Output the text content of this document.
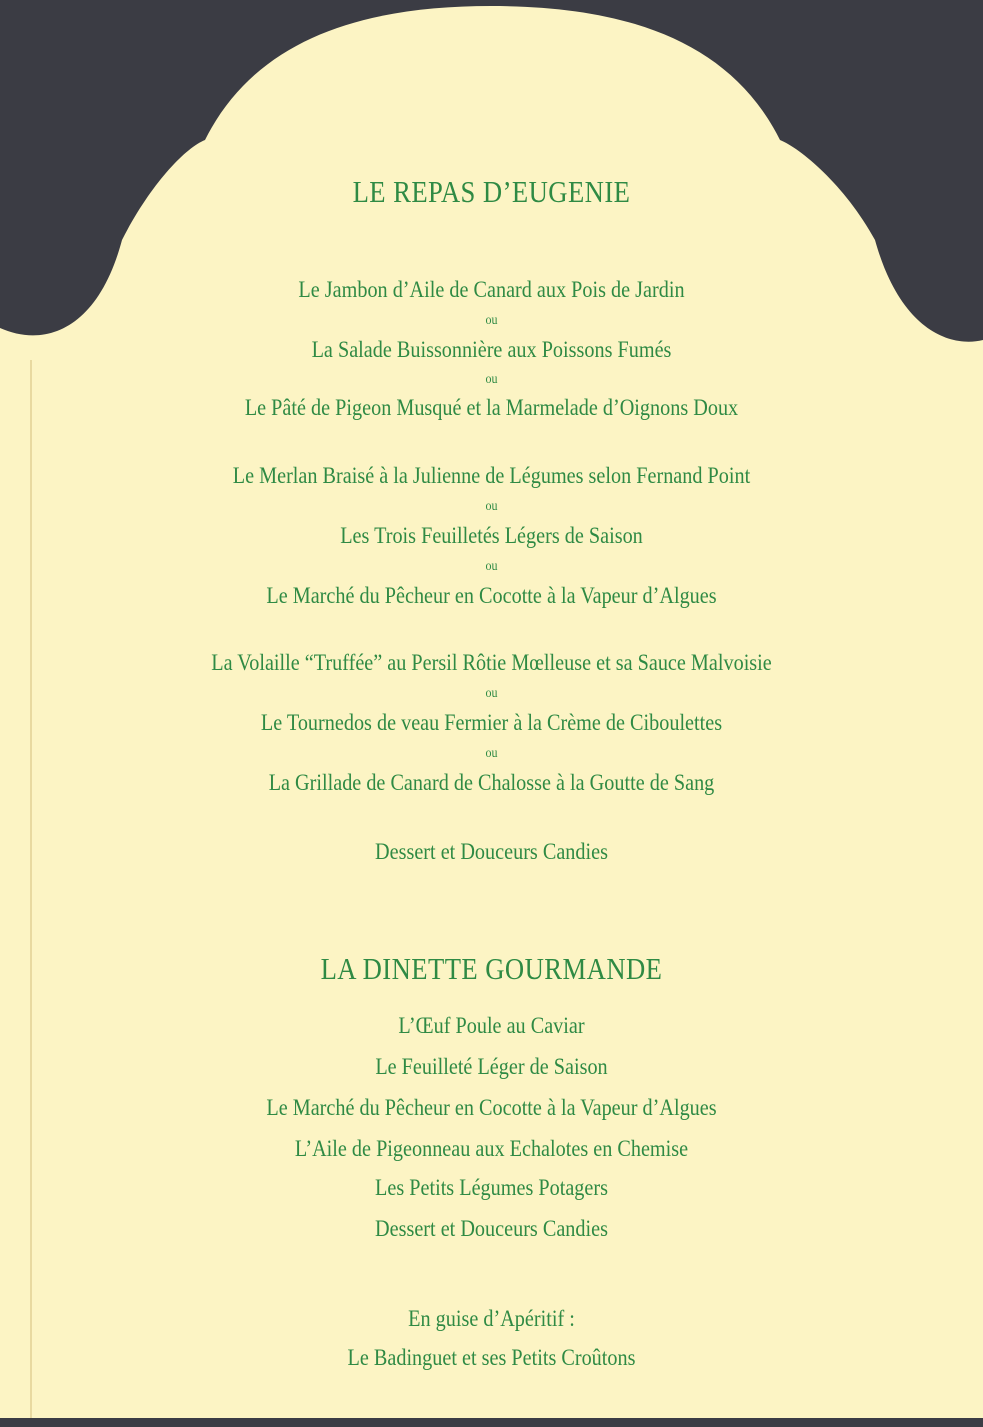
LE REPAS D’EUGENIE
Le Jambon d’Aile de Canard aux Pois de Jardin
ou
La Salade Buissonnière aux Poissons Fumés
ou
Le Pâté de Pigeon Musqué et la Marmelade d’Oignons Doux
Le Merlan Braisé à la Julienne de Légumes selon Fernand Point
ou
Les Trois Feuilletés Légers de Saison
ou
Le Marché du Pêcheur en Cocotte à la Vapeur d’Algues
La Volaille “Truffée” au Persil Rôtie Mœlleuse et sa Sauce Malvoisie
ou
Le Tournedos de veau Fermier à la Crème de Ciboulettes
ou
La Grillade de Canard de Chalosse à la Goutte de Sang
Dessert et Douceurs Candies
LA DINETTE GOURMANDE
L’Œuf Poule au Caviar
Le Feuilleté Léger de Saison
Le Marché du Pêcheur en Cocotte à la Vapeur d’Algues
L’Aile de Pigeonneau aux Echalotes en Chemise
Les Petits Légumes Potagers
Dessert et Douceurs Candies
En guise d’Apéritif :
Le Badinguet et ses Petits Croûtons
